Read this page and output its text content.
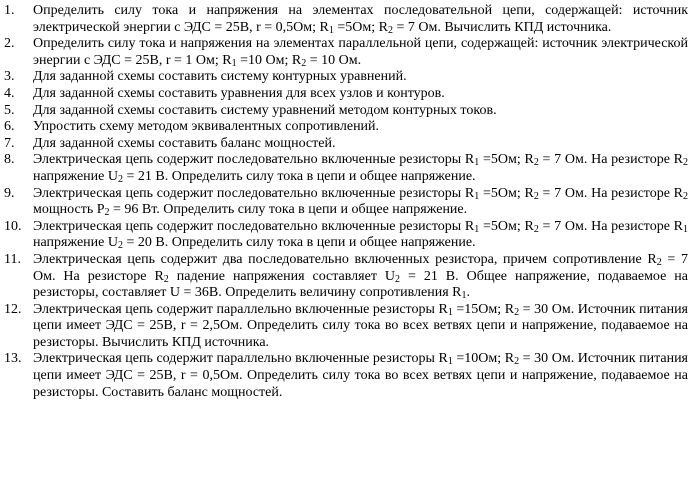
1.	Определить силу тока и напряжения на элементах последовательной цепи, содержащей: источник электрической энергии с ЭДС = 25В, r = 0,5Ом; $R_1 =5Ом$; $R_2 = 7$ Ом. Вычислить КПД источника.
2.	Определить силу тока и напряжения на элементах параллельной цепи, содержащей: источник электрической энергии с ЭДС = 25В, r = 1 Ом; $R_1 =10$ Ом; $R_2 = 10$ Ом.
3.	Для заданной схемы составить систему контурных уравнений.
4.	Для заданной схемы составить уравнения для всех узлов и контуров.
5.	Для заданной схемы составить систему уравнений методом контурных токов.
6.	Упростить схему методом эквивалентных сопротивлений.
7.	Для заданной схемы составить баланс мощностей.
8.	Электрическая цепь содержит последовательно включенные резисторы $R_1 =5Ом$; $R_2 = 7$ Ом. На резисторе $R_2$ напряжение $U_2 = 21$ В. Определить силу тока в цепи и общее напряжение.
9.	Электрическая цепь содержит последовательно включенные резисторы $R_1 =5Ом$; $R_2 = 7$ Ом. На резисторе $R_2$ мощность $P_2 = 96$ Вт. Определить силу тока в цепи и общее напряжение.
10. Электрическая цепь содержит последовательно включенные резисторы $R_1 =5Ом$; $R_2 = 7$ Ом. На резисторе $R_1$ напряжение $U_2 = 20$ В. Определить силу тока в цепи и общее напряжение.
11. Электрическая цепь содержит два последовательно включенных резистора, причем сопротивление $R_2 = 7$ Ом. На резисторе $R_2$ падение напряжения составляет $U_2 = 21$ В. Общее напряжение, подаваемое на резисторы, составляет U = 36В. Определить величину сопротивления $R_1$.
12. Электрическая цепь содержит параллельно включенные резисторы $R_1 =15Ом$; $R_2 = 30$ Ом. Источник питания цепи имеет ЭДС = 25В, r = 2,5Ом. Определить силу тока во всех ветвях цепи и напряжение, подаваемое на резисторы. Вычислить КПД источника.
13. Электрическая цепь содержит параллельно включенные резисторы $R_1 =10Ом$; $R_2 = 30$ Ом. Источник питания цепи имеет ЭДС = 25В, r = 0,5Ом. Определить силу тока во всех ветвях цепи и напряжение, подаваемое на резисторы. Составить баланс мощностей.
